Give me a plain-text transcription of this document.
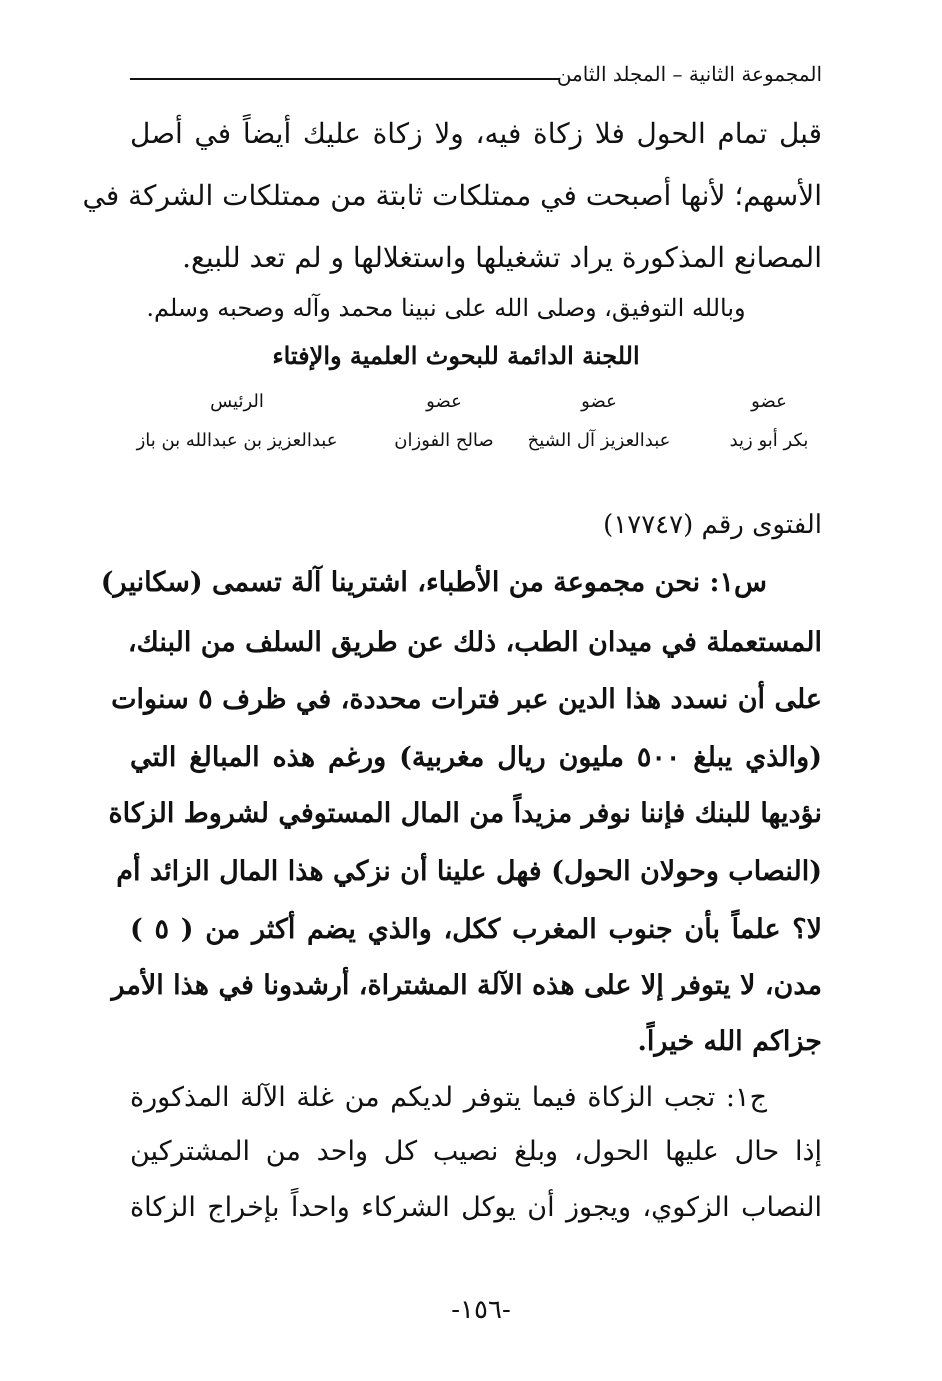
المجموعة الثانية – المجلد الثامن
قبل تمام الحول فلا زكاة فيه، ولا زكاة عليك أيضاً في أصل
الأسهم؛ لأنها أصبحت في ممتلكات ثابتة من ممتلكات الشركة في
المصانع المذكورة يراد تشغيلها واستغلالها و لم تعد للبيع.
وبالله التوفيق، وصلى الله على نبينا محمد وآله وصحبه وسلم.
اللجنة الدائمة للبحوث العلمية والإفتاء
عضو
عضو
عضو
الرئيس
بكر أبو زيد
عبدالعزيز آل الشيخ
صالح الفوزان
عبدالعزيز بن عبدالله بن باز
الفتوى رقم (١٧٧٤٧)
س١: نحن مجموعة من الأطباء، اشترينا آلة تسمى (سكانير)
المستعملة في ميدان الطب، ذلك عن طريق السلف من البنك،
على أن نسدد هذا الدين عبر فترات محددة، في ظرف ٥ سنوات
(والذي يبلغ ٥٠٠ مليون ريال مغربية) ورغم هذه المبالغ التي
نؤديها للبنك فإننا نوفر مزيداً من المال المستوفي لشروط الزكاة
(النصاب وحولان الحول) فهل علينا أن نزكي هذا المال الزائد أم
لا؟ علماً بأن جنوب المغرب ككل، والذي يضم أكثر من ( ٥ )
مدن، لا يتوفر إلا على هذه الآلة المشتراة، أرشدونا في هذا الأمر
جزاكم الله خيراً.
ج١: تجب الزكاة فيما يتوفر لديكم من غلة الآلة المذكورة
إذا حال عليها الحول، وبلغ نصيب كل واحد من المشتركين
النصاب الزكوي، ويجوز أن يوكل الشركاء واحداً بإخراج الزكاة
-١٥٦-
